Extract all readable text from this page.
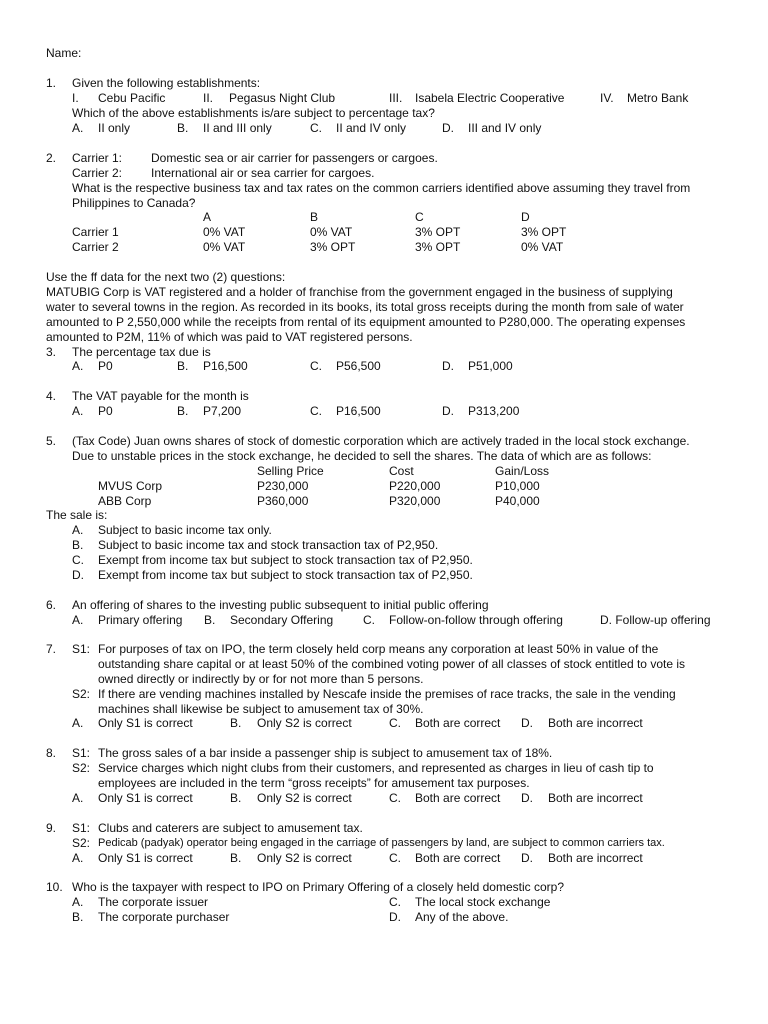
Name:
1. Given the following establishments:
I. Cebu Pacific	II. Pegasus Night Club	III. Isabela Electric Cooperative	IV. Metro Bank
Which of the above establishments is/are subject to percentage tax?
A. II only	B. II and III only	C. II and IV only	D. III and IV only
2. Carrier 1: Domestic sea or air carrier for passengers or cargoes.
Carrier 2: International air or sea carrier for cargoes.
What is the respective business tax and tax rates on the common carriers identified above assuming they travel from
Philippines to Canada?
A	B	C	D
Carrier 1	0% VAT	0% VAT	3% OPT	3% OPT
Carrier 2	0% VAT	3% OPT	3% OPT	0% VAT
Use the ff data for the next two (2) questions:
MATUBIG Corp is VAT registered and a holder of franchise from the government engaged in the business of supplying
water to several towns in the region. As recorded in its books, its total gross receipts during the month from sale of water
amounted to P 2,550,000 while the receipts from rental of its equipment amounted to P280,000. The operating expenses
amounted to P2M, 11% of which was paid to VAT registered persons.
3. The percentage tax due is
A. P0	B. P16,500	C. P56,500	D. P51,000
4. The VAT payable for the month is
A. P0	B. P7,200	C. P16,500	D. P313,200
5. (Tax Code) Juan owns shares of stock of domestic corporation which are actively traded in the local stock exchange.
Due to unstable prices in the stock exchange, he decided to sell the shares. The data of which are as follows:
Selling Price	Cost	Gain/Loss
MVUS Corp	P230,000	P220,000	P10,000
ABB Corp	P360,000	P320,000	P40,000
The sale is:
A. Subject to basic income tax only.
B. Subject to basic income tax and stock transaction tax of P2,950.
C. Exempt from income tax but subject to stock transaction tax of P2,950.
D. Exempt from income tax but subject to stock transaction tax of P2,950.
6. An offering of shares to the investing public subsequent to initial public offering
A. Primary offering B. Secondary Offering C. Follow-on-follow through offering	D. Follow-up offering
7. S1: For purposes of tax on IPO, the term closely held corp means any corporation at least 50% in value of the
outstanding share capital or at least 50% of the combined voting power of all classes of stock entitled to vote is
owned directly or indirectly by or for not more than 5 persons.
S2: If there are vending machines installed by Nescafe inside the premises of race tracks, the sale in the vending
machines shall likewise be subject to amusement tax of 30%.
A. Only S1 is correct	B. Only S2 is correct	C. Both are correct D. Both are incorrect
8. S1: The gross sales of a bar inside a passenger ship is subject to amusement tax of 18%.
S2: Service charges which night clubs from their customers, and represented as charges in lieu of cash tip to
employees are included in the term “gross receipts” for amusement tax purposes.
A. Only S1 is correct	B. Only S2 is correct	C. Both are correct D. Both are incorrect
9. S1: Clubs and caterers are subject to amusement tax.
S2: Pedicab (padyak) operator being engaged in the carriage of passengers by land, are subject to common carriers tax.
A. Only S1 is correct	B. Only S2 is correct	C. Both are correct D. Both are incorrect
10. Who is the taxpayer with respect to IPO on Primary Offering of a closely held domestic corp?
A. The corporate issuer	C. The local stock exchange
B. The corporate purchaser	D. Any of the above.
